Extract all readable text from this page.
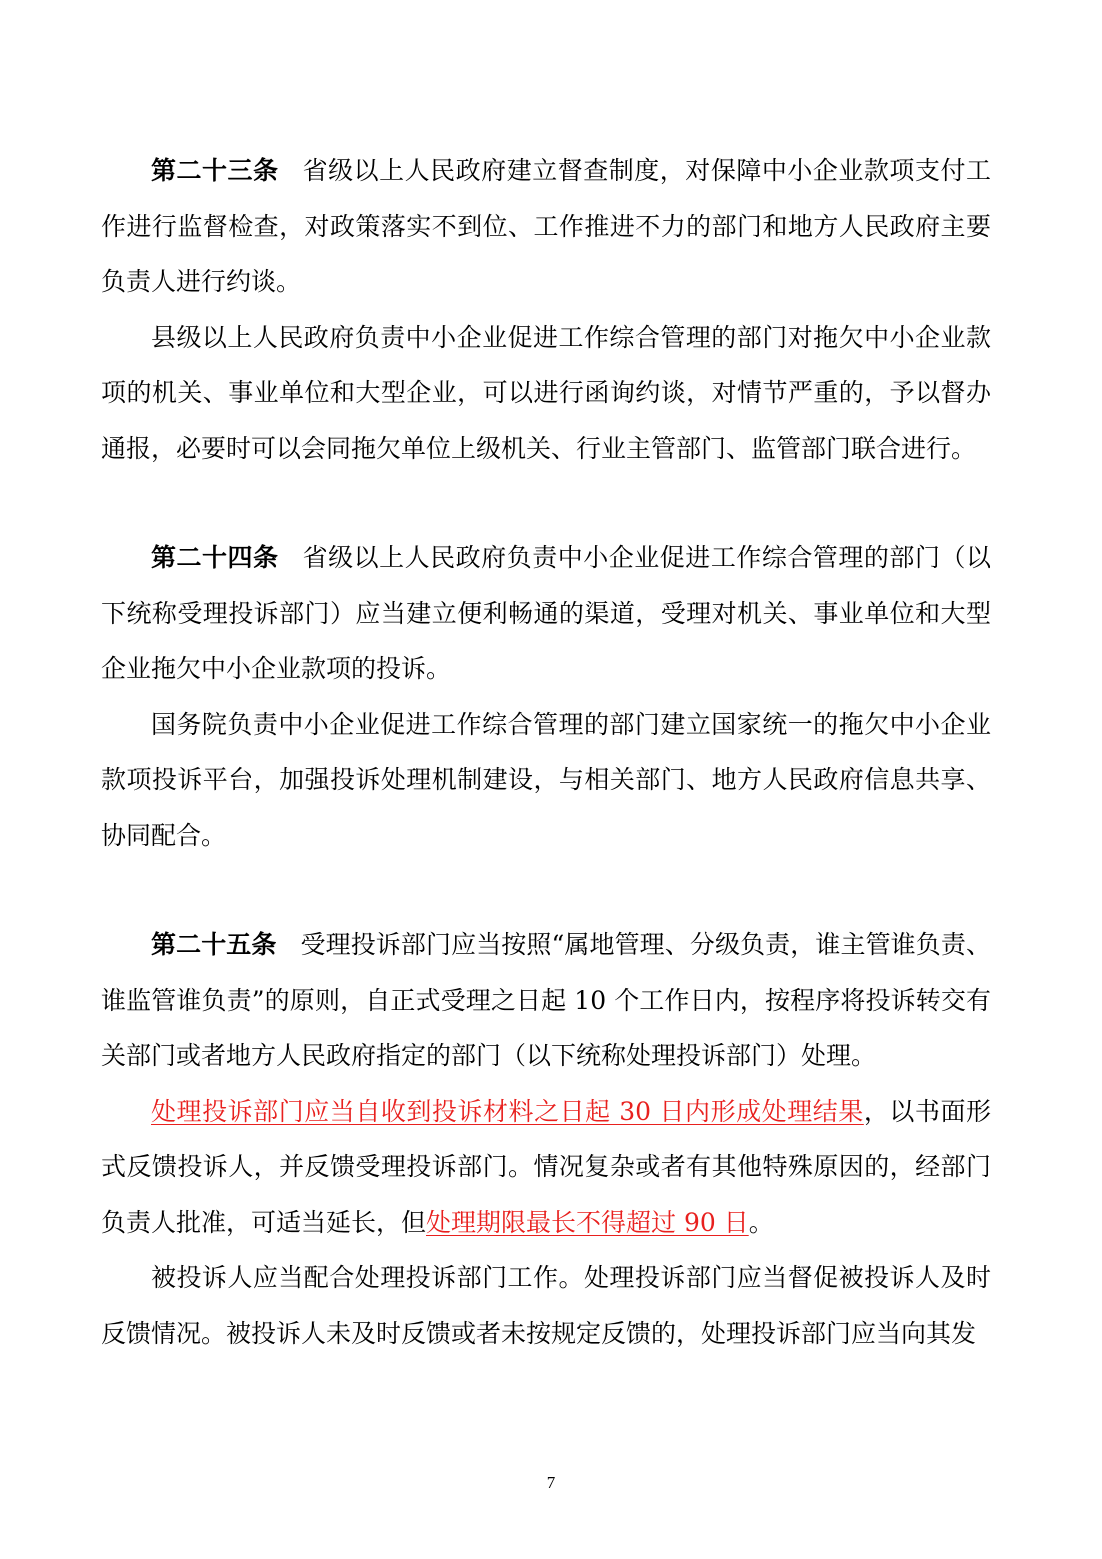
第二十三条 省级以上人民政府建立督查制度，对保障中小企业款项支付工作进行监督检查，对政策落实不到位、工作推进不力的部门和地方人民政府主要负责人进行约谈。

县级以上人民政府负责中小企业促进工作综合管理的部门对拖欠中小企业款项的机关、事业单位和大型企业，可以进行函询约谈，对情节严重的，予以督办通报，必要时可以会同拖欠单位上级机关、行业主管部门、监管部门联合进行。

第二十四条 省级以上人民政府负责中小企业促进工作综合管理的部门（以下统称受理投诉部门）应当建立便利畅通的渠道，受理对机关、事业单位和大型企业拖欠中小企业款项的投诉。

国务院负责中小企业促进工作综合管理的部门建立国家统一的拖欠中小企业款项投诉平台，加强投诉处理机制建设，与相关部门、地方人民政府信息共享、协同配合。

第二十五条 受理投诉部门应当按照“属地管理、分级负责，谁主管谁负责、谁监管谁负责”的原则，自正式受理之日起 10 个工作日内，按程序将投诉转交有关部门或者地方人民政府指定的部门（以下统称处理投诉部门）处理。

处理投诉部门应当自收到投诉材料之日起 30 日内形成处理结果，以书面形式反馈投诉人，并反馈受理投诉部门。情况复杂或者有其他特殊原因的，经部门负责人批准，可适当延长，但处理期限最长不得超过 90 日。

被投诉人应当配合处理投诉部门工作。处理投诉部门应当督促被投诉人及时反馈情况。被投诉人未及时反馈或者未按规定反馈的，处理投诉部门应当向其发

7
